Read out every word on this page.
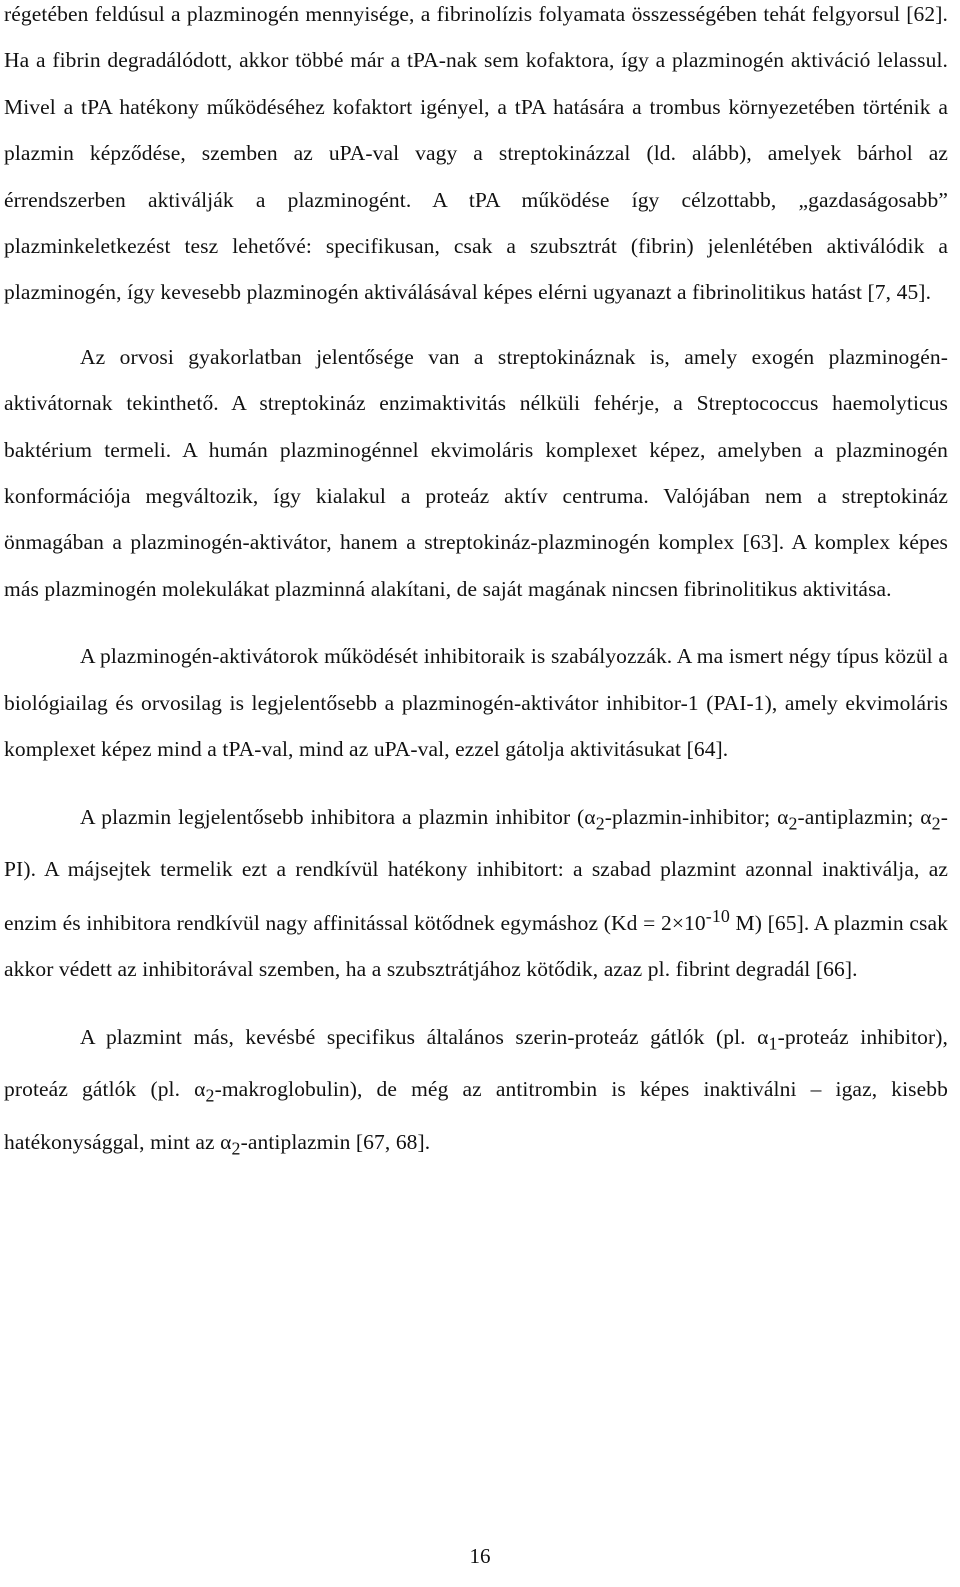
régetében feldúsul a plazminogén mennyisége, a fibrinolízis folyamata összességében tehát felgyorsul [62]. Ha a fibrin degradálódott, akkor többé már a tPA-nak sem kofaktora, így a plazminogén aktiváció lelassul. Mivel a tPA hatékony működéséhez kofaktort igényel, a tPA hatására a trombus környezetében történik a plazmin képződése, szemben az uPA-val vagy a streptokinázzal (ld. alább), amelyek bárhol az érrendszerben aktiválják a plazminogént. A tPA működése így célzottabb, „gazdaságosabb” plazminkeletkezést tesz lehetővé: specifikusan, csak a szubsztrát (fibrin) jelenlétében aktiválódik a plazminogén, így kevesebb plazminogén aktiválásával képes elérni ugyanazt a fibrinolitikus hatást [7, 45].

Az orvosi gyakorlatban jelentősége van a streptokináznak is, amely exogén plazminogén-aktivátornak tekinthető. A streptokináz enzimaktivitás nélküli fehérje, a Streptococcus haemolyticus baktérium termeli. A humán plazminogénnel ekvimoláris komplexet képez, amelyben a plazminogén konformációja megváltozik, így kialakul a proteáz aktív centruma. Valójában nem a streptokináz önmagában a plazminogén-aktivátor, hanem a streptokináz-plazminogén komplex [63]. A komplex képes más plazminogén molekulákat plazminná alakítani, de saját magának nincsen fibrinolitikus aktivitása.

A plazminogén-aktivátorok működését inhibitoraik is szabályozzák. A ma ismert négy típus közül a biológiailag és orvosilag is legjelentősebb a plazminogén-aktivátor inhibitor-1 (PAI-1), amely ekvimoláris komplexet képez mind a tPA-val, mind az uPA-val, ezzel gátolja aktivitásukat [64].

A plazmin legjelentősebb inhibitora a plazmin inhibitor ($\alpha_2-plazmin$-inhibitor; $\alpha_2$-antiplazmin; $\alpha_2-PI$). A májsejtek termelik ezt a rendkívül hatékony inhibitort: a szabad plazmint azonnal inaktiválja, az enzim és inhibitora rendkívül nagy affinitással kötődnek egymáshoz ($Kd = 2\times 10^{-10}$ M) [65]. A plazmin csak akkor védett az inhibitorával szemben, ha a szubsztrátjához kötődik, azaz pl. fibrint degradál [66].

A plazmint más, kevésbé specifikus általános szerin-proteáz gátlók (pl. $\alpha_1$-proteáz inhibitor), proteáz gátlók (pl. $\alpha_2-makroglobulin$), de még az antitrombin is képes inaktiválni – igaz, kisebb hatékonysággal, mint az $\alpha_2$-antiplazmin [67, 68].

16
